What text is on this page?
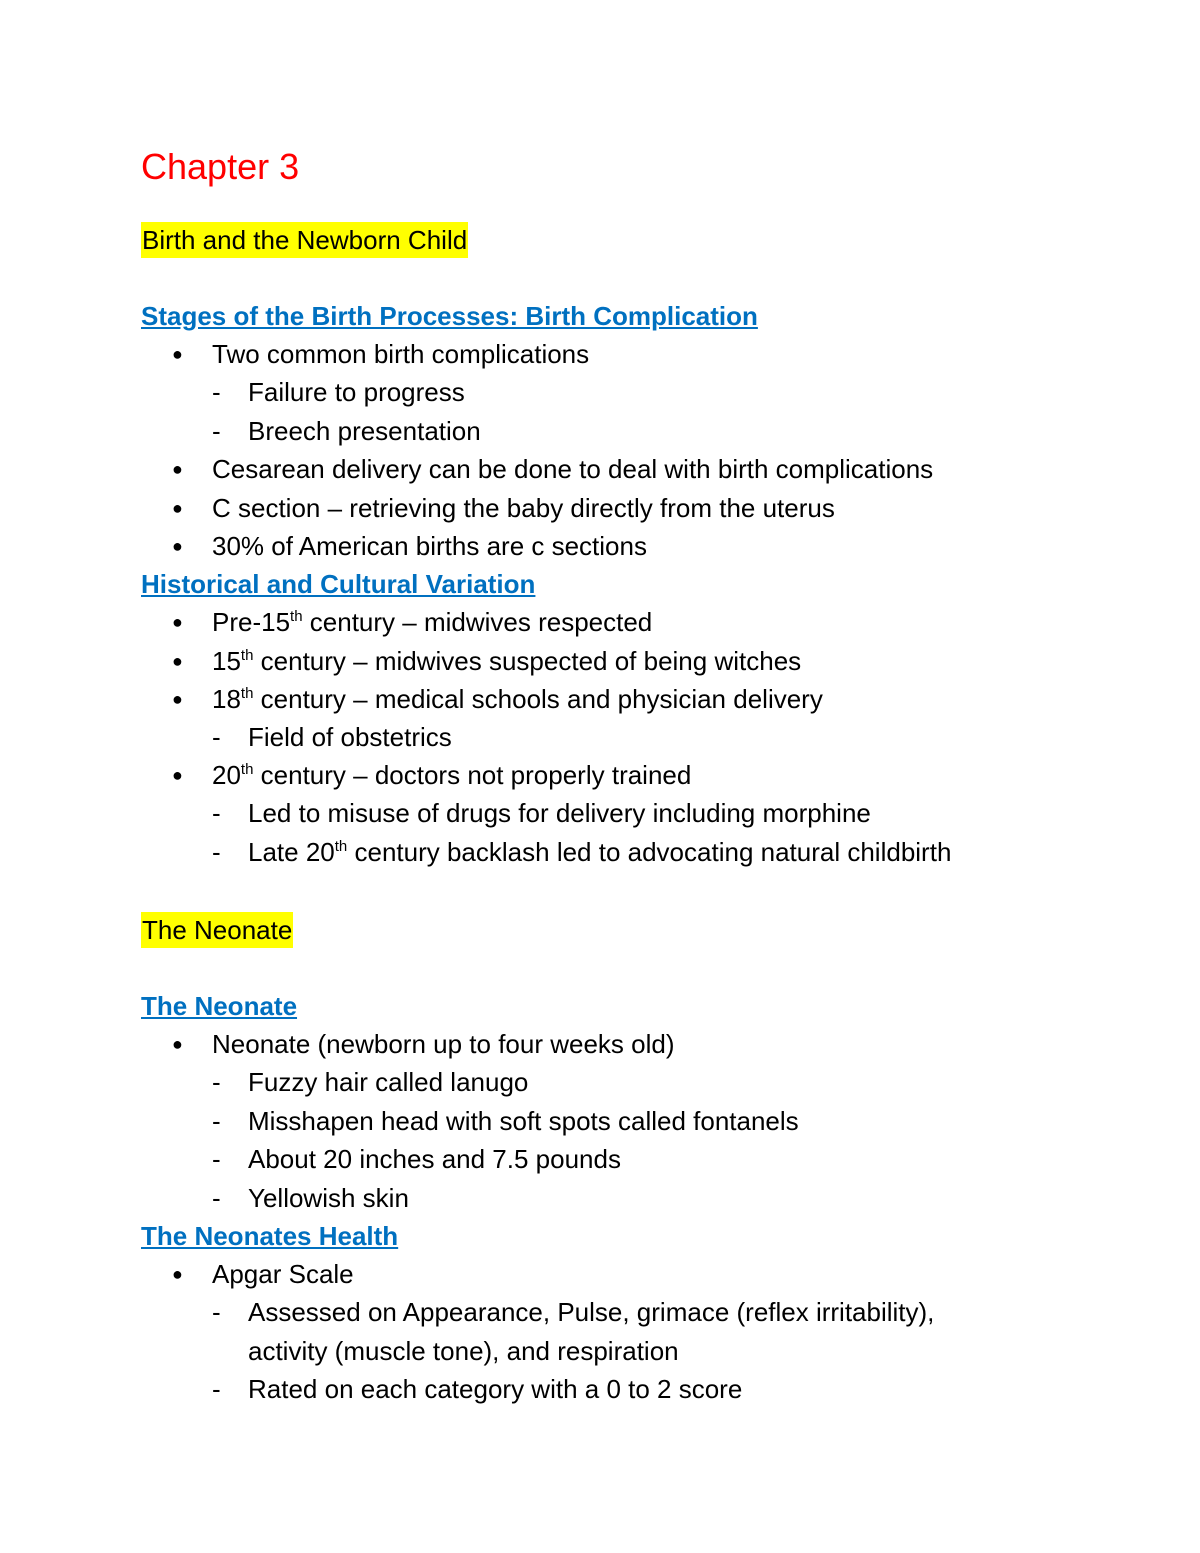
Chapter 3
Birth and the Newborn Child
Stages of the Birth Processes: Birth Complication
● Two common birth complications
- Failure to progress
- Breech presentation
● Cesarean delivery can be done to deal with birth complications
● C section – retrieving the baby directly from the uterus
● 30% of American births are c sections
Historical and Cultural Variation
● Pre-15th century – midwives respected
● 15th century – midwives suspected of being witches
● 18th century – medical schools and physician delivery
- Field of obstetrics
● 20th century – doctors not properly trained
- Led to misuse of drugs for delivery including morphine
- Late 20th century backlash led to advocating natural childbirth
The Neonate
The Neonate
● Neonate (newborn up to four weeks old)
- Fuzzy hair called lanugo
- Misshapen head with soft spots called fontanels
- About 20 inches and 7.5 pounds
- Yellowish skin
The Neonates Health
● Apgar Scale
- Assessed on Appearance, Pulse, grimace (reflex irritability),
activity (muscle tone), and respiration
- Rated on each category with a 0 to 2 score
